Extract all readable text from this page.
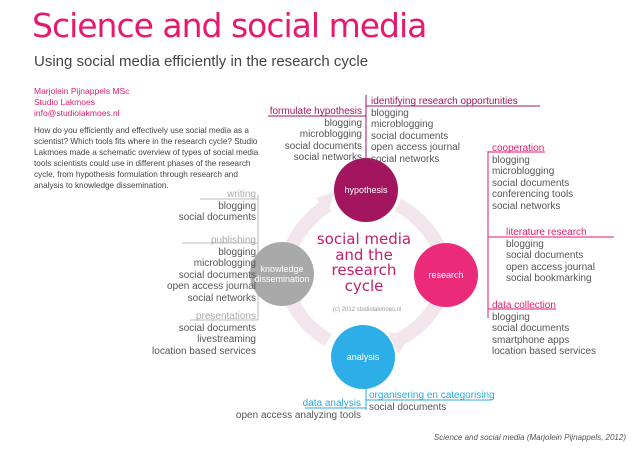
Science and social media
Using social media efficiently in the research cycle
Marjolein Pijnappels MSc
Studio Lakmoes
info@studiolakmoes.nl
How do you efficiently and effectively use social media as a scientist? Which tools fits where in the research cycle? Studio Lakmoes made a schematic overview of types of social media tools scientists could use in different phases of the research cycle, from hypothesis formulation through research and analysis to knowledge dissemination.	hypothesis
research
analysis
knowledge
dissemination
social media
and the
research
cycle
(c) 2012 studiolakmoes.nl
formulate hypothesis
blogging
microblogging
social documents
social networks
identifying research opportunities
blogging
microblogging
social documents
open access journal
social networks
cooperation
blogging
microblogging
social documents
conferencing tools
social networks
literature research
blogging
social documents
open access journal
social bookmarking
data collection
blogging
social documents
smartphone apps
location based services
organisering en categorising
social documents
data analysis
open access analyzing tools
writing
blogging
social documents
publishing
blogging
microblogging
social documents
open access journal
social networks
presentations
social documents
livestreaming
location based services
Science and social media (Marjolein Pijnappels, 2012)
